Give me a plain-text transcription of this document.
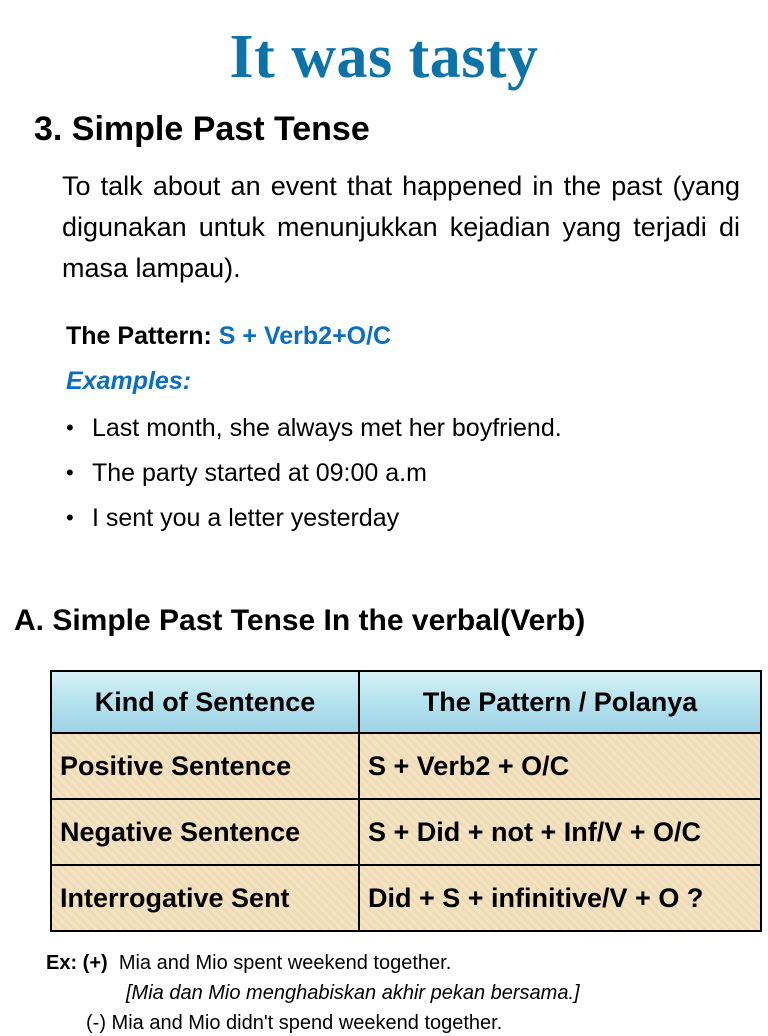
It was tasty
3. Simple Past Tense
To talk about an event that happened in the past (yang digunakan untuk menunjukkan kejadian yang terjadi di masa lampau).
The Pattern: S + Verb2+O/C
Examples:
• Last month, she always met her boyfriend.
• The party started at 09:00 a.m
• I sent you a letter yesterday
A. Simple Past Tense In the verbal(Verb)
Kind of Sentence	The Pattern / Polanya
Positive Sentence	S + Verb2 + O/C
Negative Sentence	S + Did + not + Inf/V + O/C
Interrogative Sent	Did + S + infinitive/V + O ?
Ex: (+) Mia and Mio spent weekend together.
[Mia dan Mio menghabiskan akhir pekan bersama.]
(-) Mia and Mio didn't spend weekend together.
